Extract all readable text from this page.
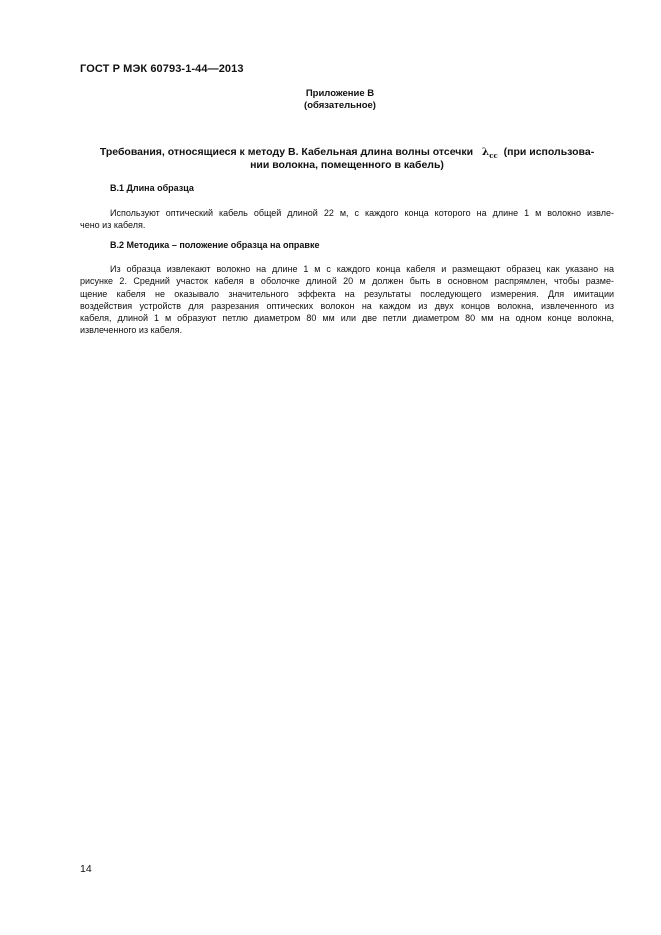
ГОСТ Р МЭК 60793-1-44—2013
Приложение В
(обязательное)
Требования, относящиеся к методу В. Кабельная длина волны отсечки $\lambda_{cc}$ (при использова-
нии волокна, помещенного в кабель)
В.1 Длина образца
Используют оптический кабель общей длиной 22 м, с каждого конца которого на длине 1 м волокно извле-
чено из кабеля.
В.2 Методика – положение образца на оправке
Из образца извлекают волокно на длине 1 м с каждого конца кабеля и размещают образец как указано на
рисунке 2. Средний участок кабеля в оболочке длиной 20 м должен быть в основном распрямлен, чтобы разме-
щение кабеля не оказывало значительного эффекта на результаты последующего измерения. Для имитации
воздействия устройств для разрезания оптических волокон на каждом из двух концов волокна, извлеченного из
кабеля, длиной 1 м образуют петлю диаметром 80 мм или две петли диаметром 80 мм на одном конце волокна,
извлеченного из кабеля.
14
